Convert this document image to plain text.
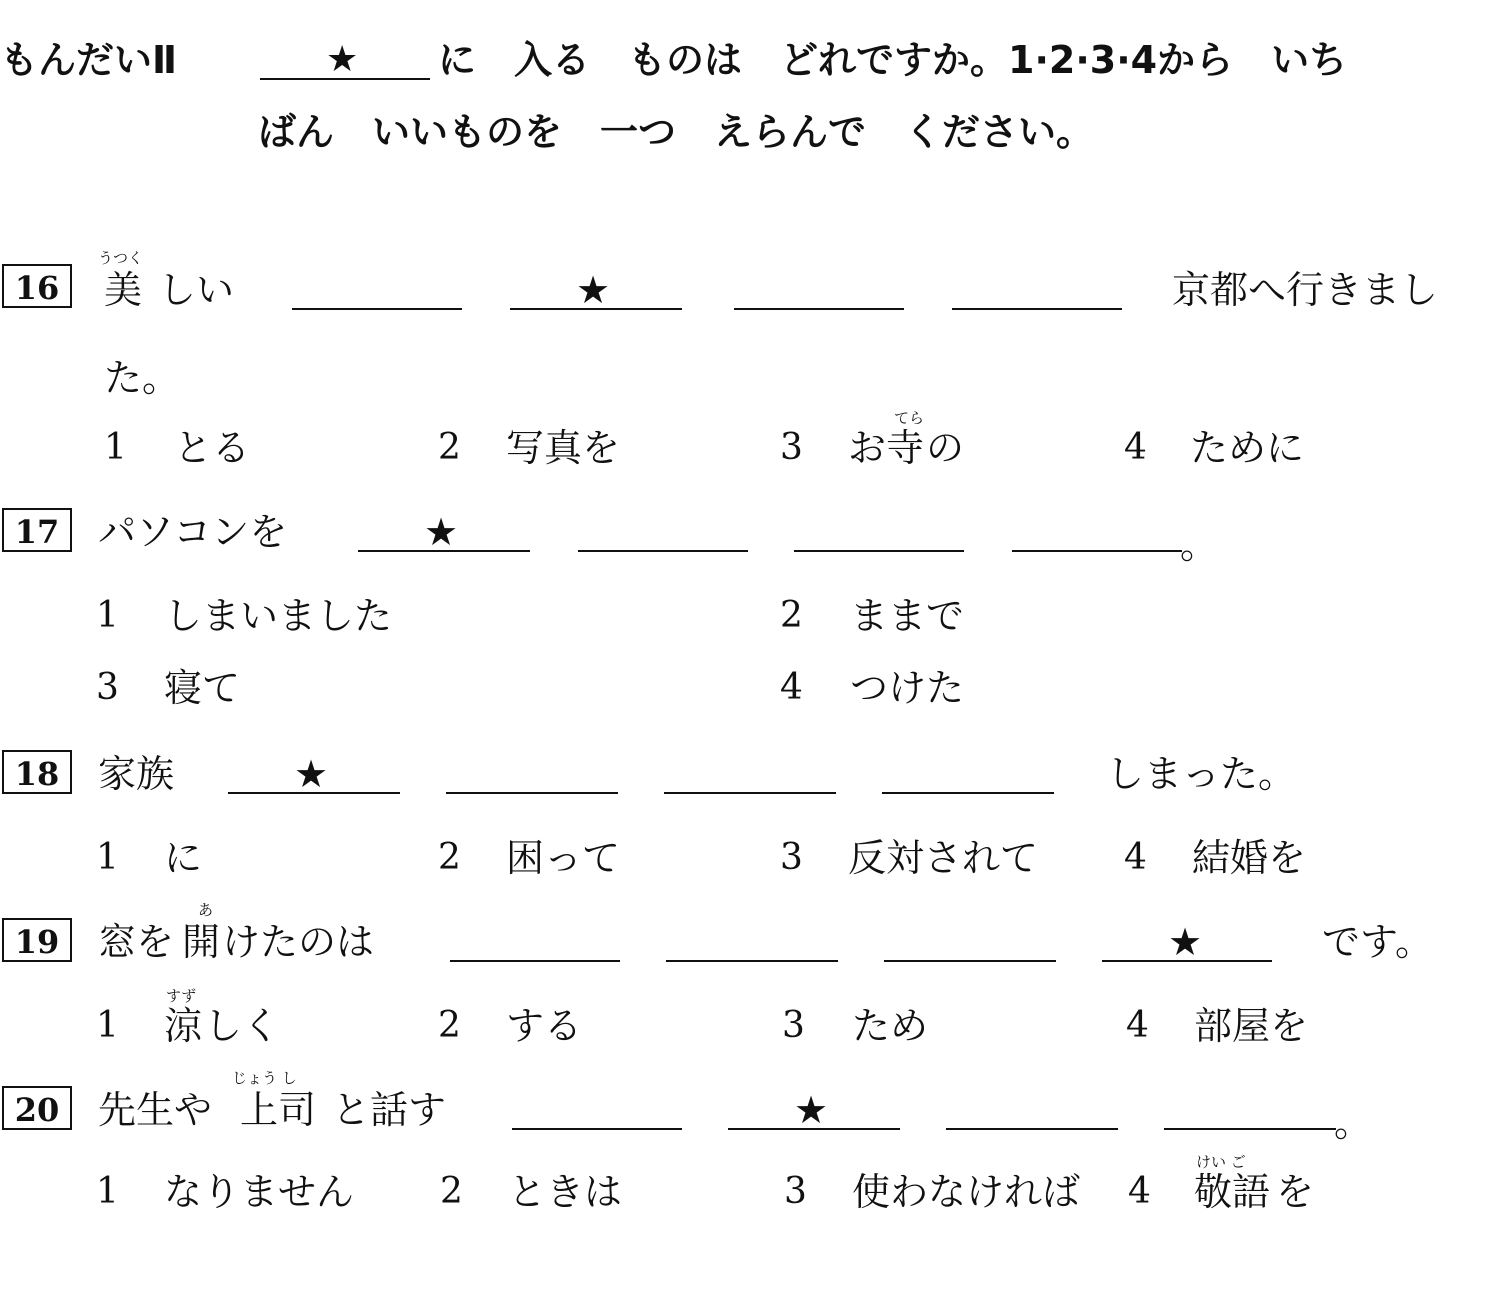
もんだいⅡ	★ に　入る　ものは　どれですか。1·2·3·4から　いち
ばん　いいものを　一つ　えらんで　ください。
16
うつく
美 しい	★	京都へ行きまし
た。
1 とる	2 写真を	3 お
てら
寺 の	4 ために
17	パソコンを	★	。
1 しまいました	2 ままで
3 寝て	4 つけた
18	家族	★	しまった。
1 に	2 困って	3 反対されて 4 結婚を
19	窓を
あ
開 けたのは	★	です。
すず
1 涼 しく	2 する	3 ため	4 部屋を
20	先生や
じょう し
上司 と話す	★	。
1 なりません 2 ときは	3 使わなければ 4
けい ご
敬語 を
